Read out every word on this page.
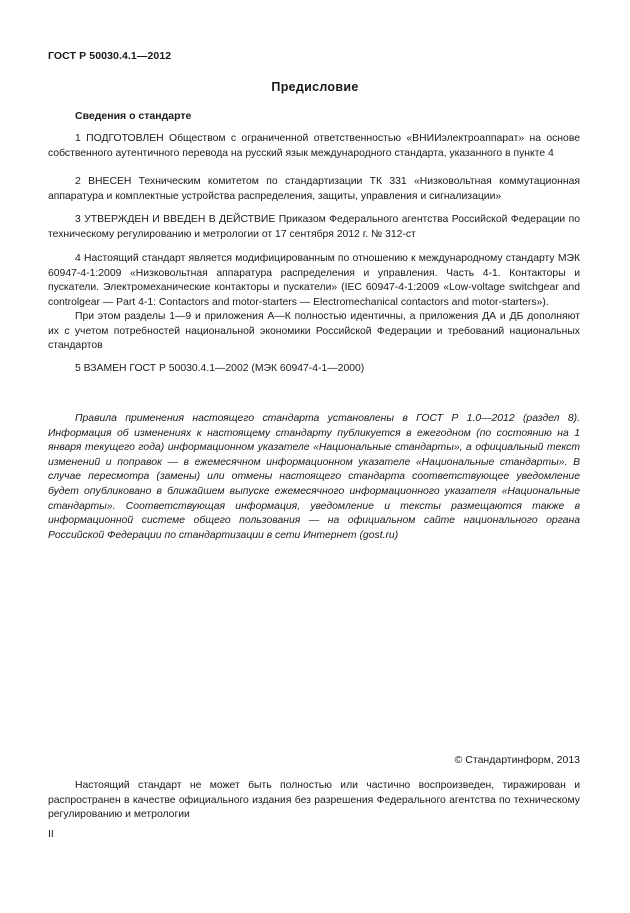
ГОСТ Р 50030.4.1—2012
Предисловие
Сведения о стандарте

1 ПОДГОТОВЛЕН Обществом с ограниченной ответственностью «ВНИИэлектроаппарат» на основе собственного аутентичного перевода на русский язык международного стандарта, указанного в пункте 4

2 ВНЕСЕН Техническим комитетом по стандартизации ТК 331 «Низковольтная коммутационная аппаратура и комплектные устройства распределения, защиты, управления и сигнализации»

3 УТВЕРЖДЕН И ВВЕДЕН В ДЕЙСТВИЕ Приказом Федерального агентства Российской Федерации по техническому регулированию и метрологии от 17 сентября 2012 г. № 312-ст

4 Настоящий стандарт является модифицированным по отношению к международному стандарту МЭК 60947-4-1:2009 «Низковольтная аппаратура распределения и управления. Часть 4-1. Контакторы и пускатели. Электромеханические контакторы и пускатели» (IEC 60947-4-1:2009 «Low-voltage switchgear and controlgear — Part 4-1: Contactors and motor-starters — Electromechanical contactors and motor-starters»).

При этом разделы 1—9 и приложения А—К полностью идентичны, а приложения ДА и ДБ дополняют их с учетом потребностей национальной экономики Российской Федерации и требований национальных стандартов

5 ВЗАМЕН ГОСТ Р 50030.4.1—2002 (МЭК 60947-4-1—2000)

Правила применения настоящего стандарта установлены в ГОСТ Р 1.0—2012 (раздел 8). Информация об изменениях к настоящему стандарту публикуется в ежегодном (по состоянию на 1 января текущего года) информационном указателе «Национальные стандарты», а официальный текст изменений и поправок — в ежемесячном информационном указателе «Национальные стандарты». В случае пересмотра (замены) или отмены настоящего стандарта соответствующее уведомление будет опубликовано в ближайшем выпуске ежемесячного информационного указателя «Национальные стандарты». Соответствующая информация, уведомление и тексты размещаются также в информационной системе общего пользования — на официальном сайте национального органа Российской Федерации по стандартизации в сети Интернет (gost.ru)

© Стандартинформ, 2013

Настоящий стандарт не может быть полностью или частично воспроизведен, тиражирован и распространен в качестве официального издания без разрешения Федерального агентства по техническому регулированию и метрологии

II
